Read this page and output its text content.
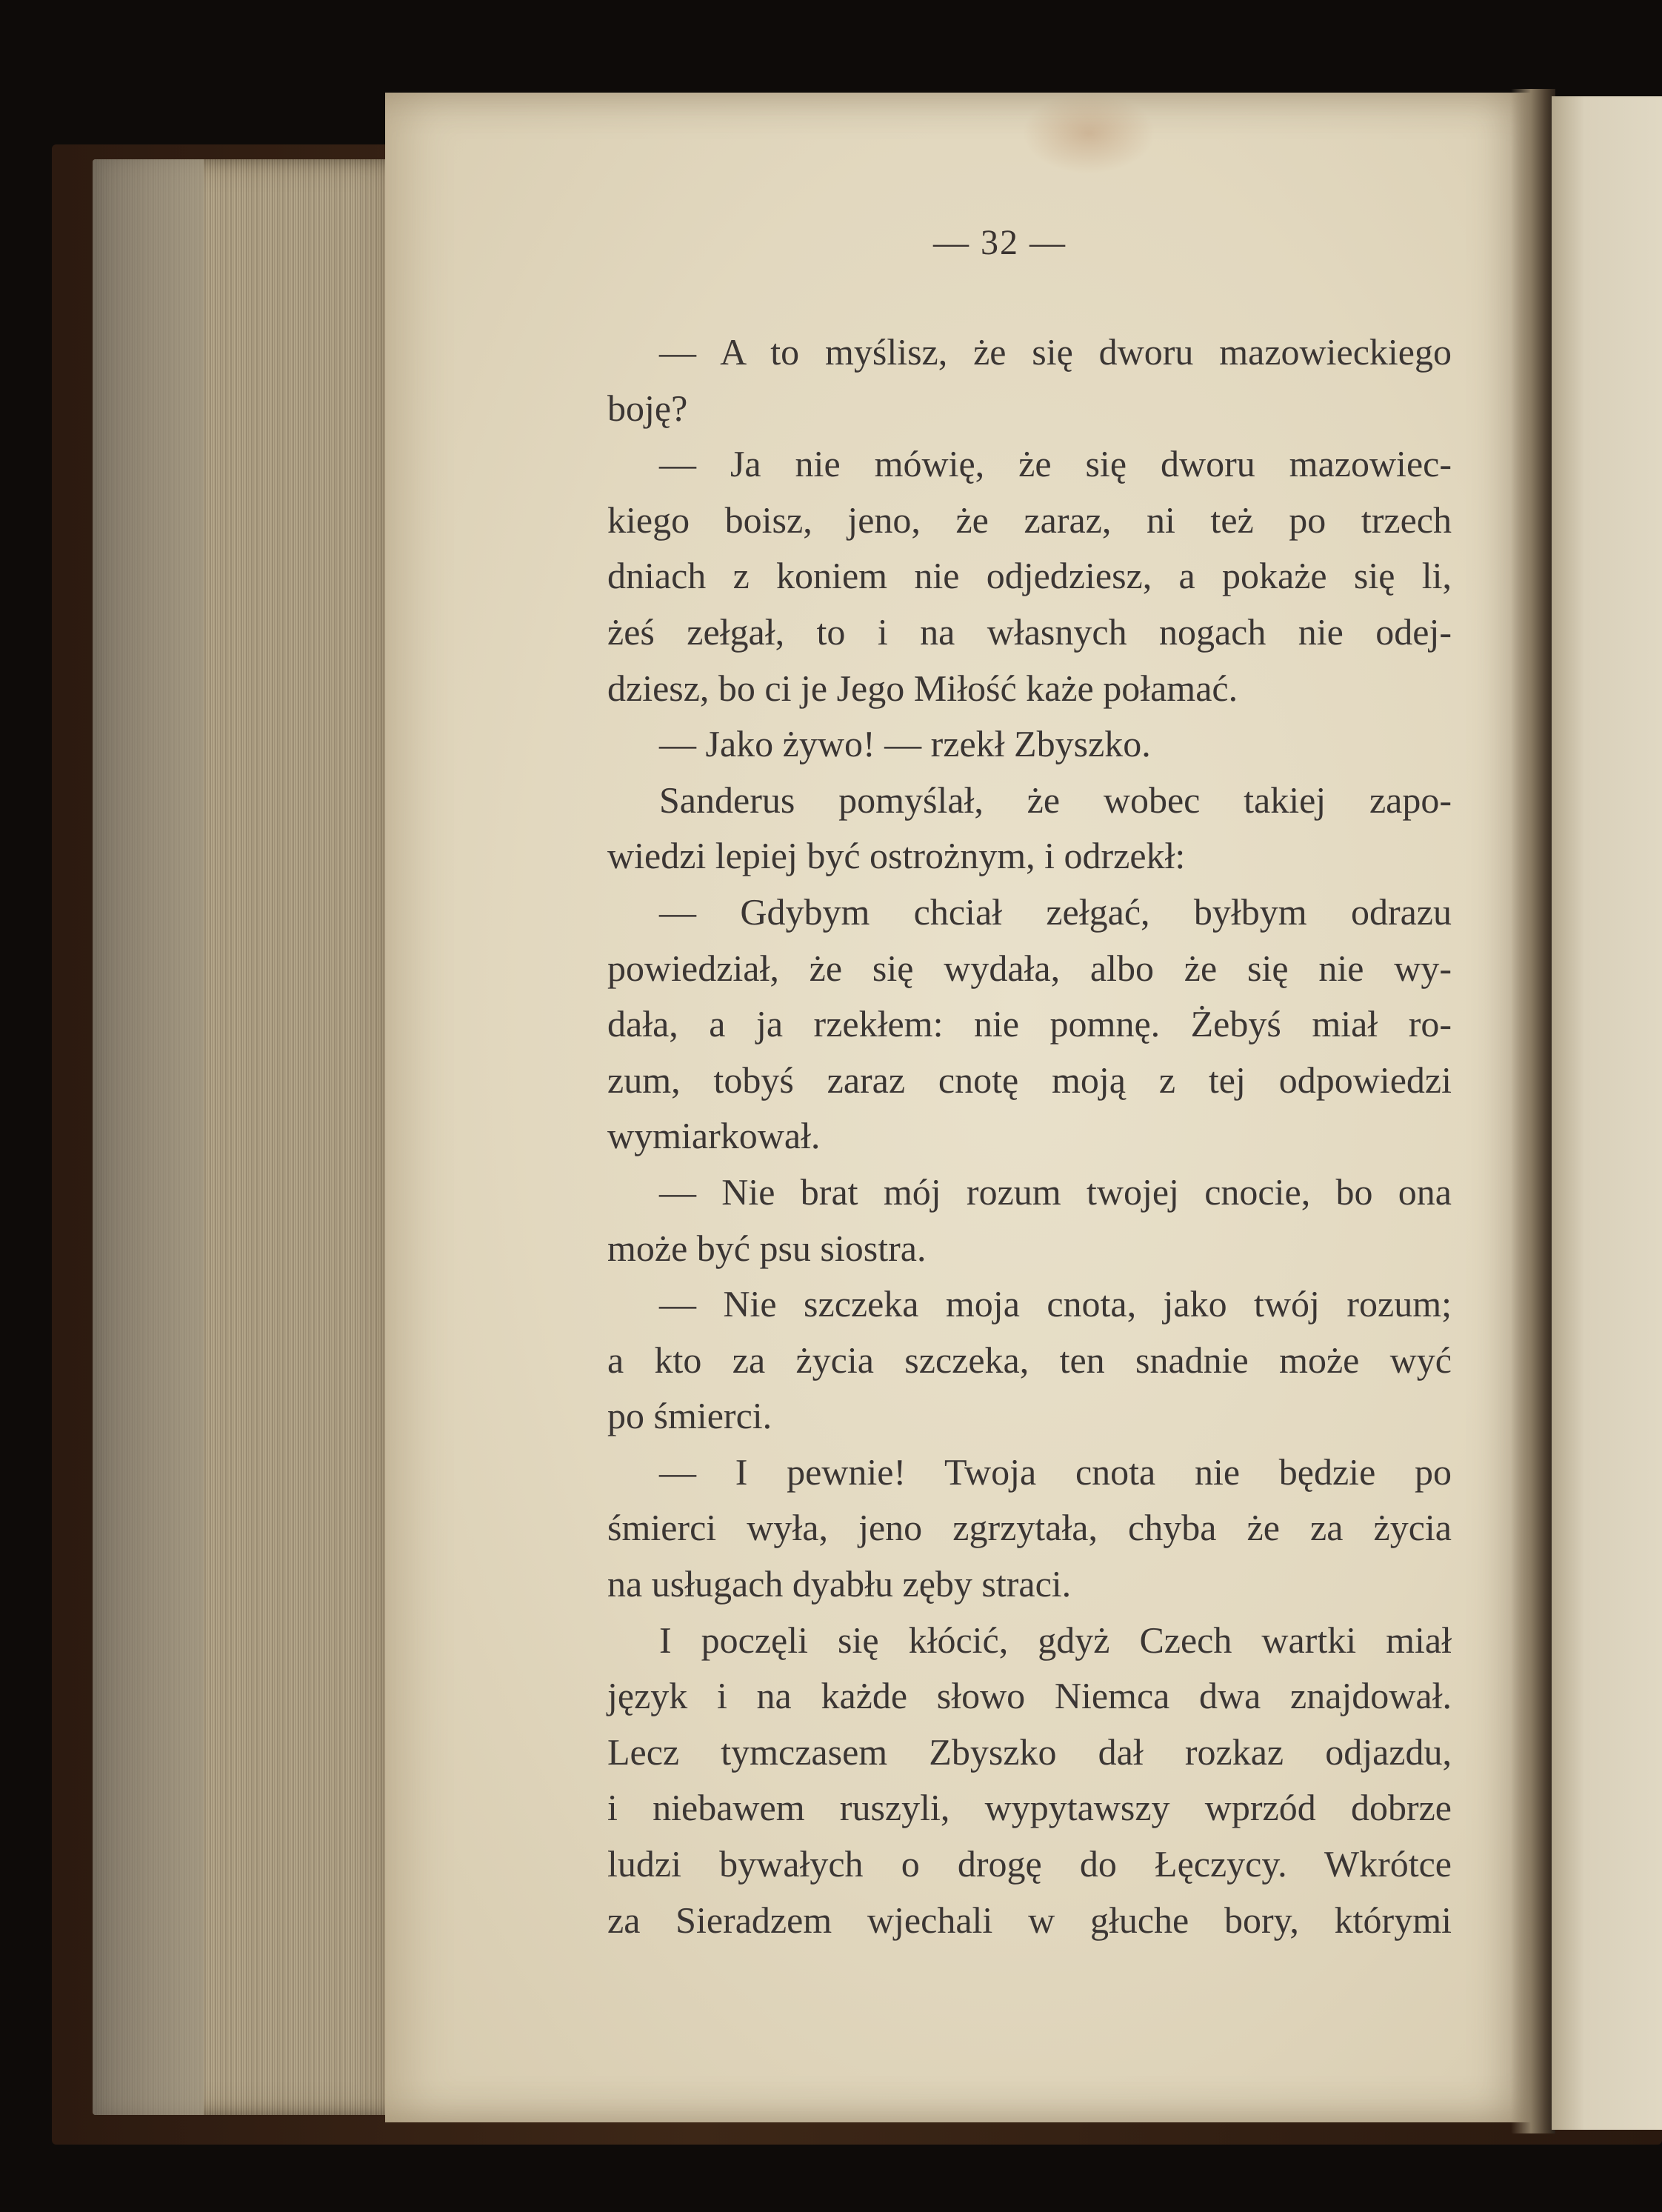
— 32 —
— A to myślisz, że się dworu mazowieckiego
boję?
— Ja nie mówię, że się dworu mazowiec-
kiego boisz, jeno, że zaraz, ni też po trzech
dniach z koniem nie odjedziesz, a pokaże się li,
żeś zełgał, to i na własnych nogach nie odej-
dziesz, bo ci je Jego Miłość każe połamać.
— Jako żywo! — rzekł Zbyszko.
Sanderus pomyślał, że wobec takiej zapo-
wiedzi lepiej być ostrożnym, i odrzekł:
— Gdybym chciał zełgać, byłbym odrazu
powiedział, że się wydała, albo że się nie wy-
dała, a ja rzekłem: nie pomnę. Żebyś miał ro-
zum, tobyś zaraz cnotę moją z tej odpowiedzi
wymiarkował.
— Nie brat mój rozum twojej cnocie, bo ona
może być psu siostra.
— Nie szczeka moja cnota, jako twój rozum;
a kto za życia szczeka, ten snadnie może wyć
po śmierci.
— I pewnie! Twoja cnota nie będzie po
śmierci wyła, jeno zgrzytała, chyba że za życia
na usługach dyabłu zęby straci.
I poczęli się kłócić, gdyż Czech wartki miał
język i na każde słowo Niemca dwa znajdował.
Lecz tymczasem Zbyszko dał rozkaz odjazdu,
i niebawem ruszyli, wypytawszy wprzód dobrze
ludzi bywałych o drogę do Łęczycy. Wkrótce
za Sieradzem wjechali w głuche bory, którymi
